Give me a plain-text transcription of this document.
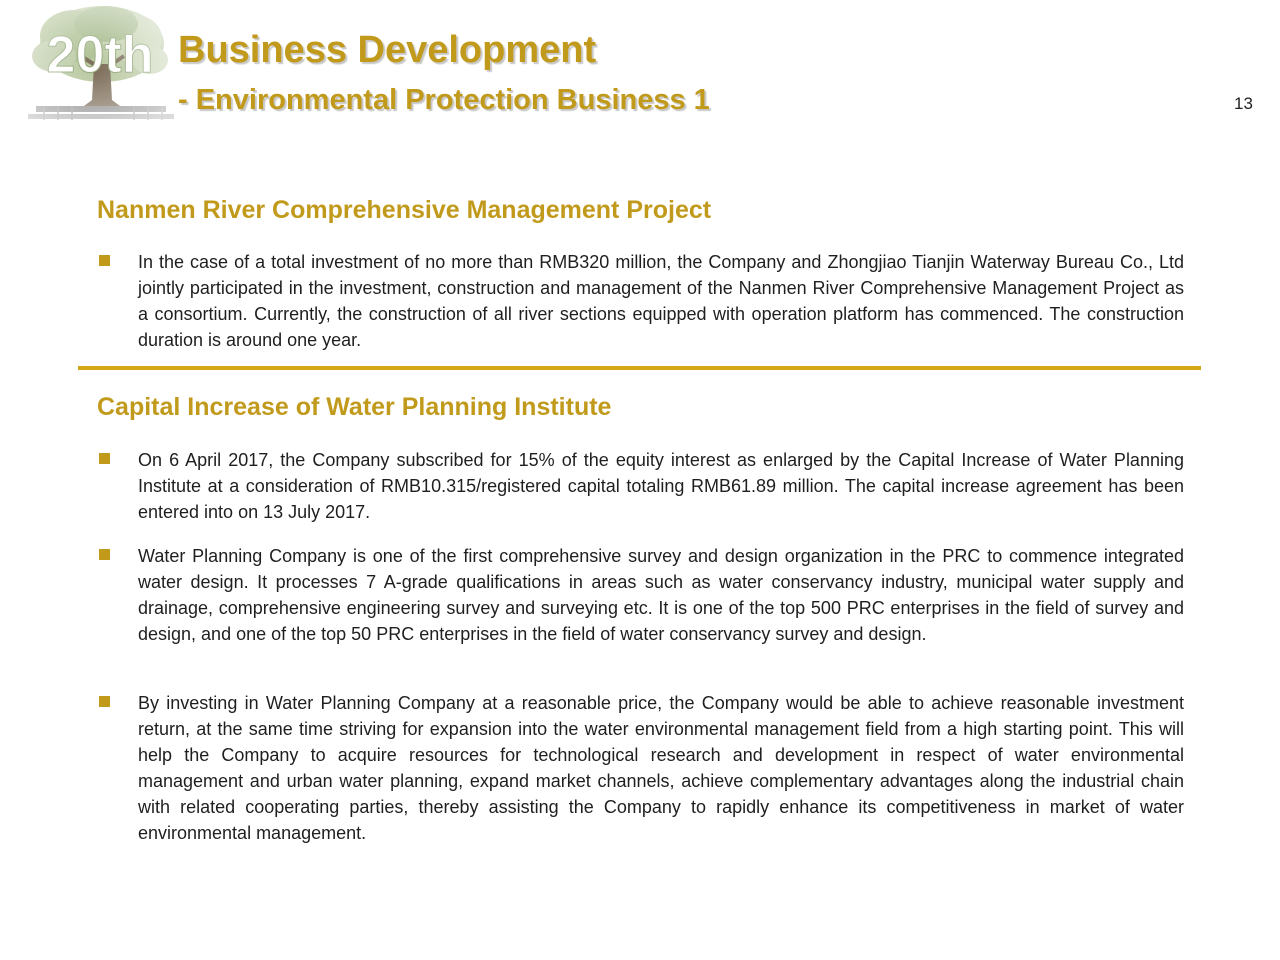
Business Development
- Environmental Protection Business 1	13
Nanmen River Comprehensive Management Project

In the case of a total investment of no more than RMB320 million, the Company and Zhongjiao Tianjin Waterway Bureau Co., Ltd jointly participated in the investment, construction and management of the Nanmen River Comprehensive Management Project as a consortium. Currently, the construction of all river sections equipped with operation platform has commenced. The construction duration is around one year.

Capital Increase of Water Planning Institute

On 6 April 2017, the Company subscribed for 15% of the equity interest as enlarged by the Capital Increase of Water Planning Institute at a consideration of RMB10.315/registered capital totaling RMB61.89 million. The capital increase agreement has been entered into on 13 July 2017.

Water Planning Company is one of the first comprehensive survey and design organization in the PRC to commence integrated water design. It processes 7 A-grade qualifications in areas such as water conservancy industry, municipal water supply and drainage, comprehensive engineering survey and surveying etc. It is one of the top 500 PRC enterprises in the field of survey and design, and one of the top 50 PRC enterprises in the field of water conservancy survey and design.

By investing in Water Planning Company at a reasonable price, the Company would be able to achieve reasonable investment return, at the same time striving for expansion into the water environmental management field from a high starting point. This will help the Company to acquire resources for technological research and development in respect of water environmental management and urban water planning, expand market channels, achieve complementary advantages along the industrial chain with related cooperating parties, thereby assisting the Company to rapidly enhance its competitiveness in market of water environmental management.
